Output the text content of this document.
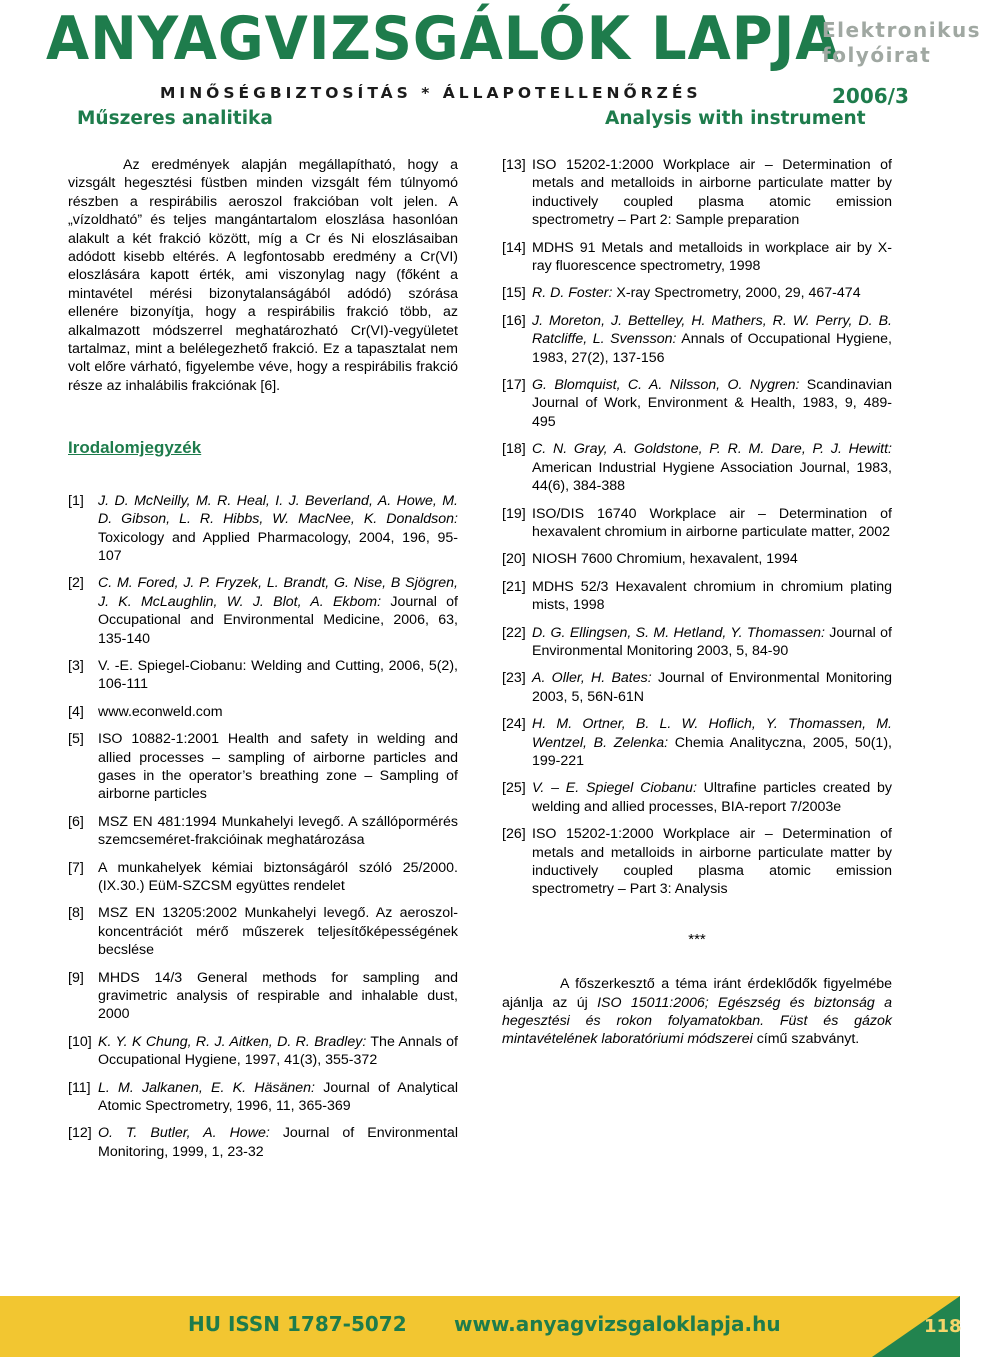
ANYAGVIZSGÁLÓK LAPJA
MINŐSÉGBIZTOSÍTÁS * ÁLLAPOTELLENŐRZÉS
Elektronikus
folyóirat
2006/3
Műszeres analitika	Analysis with instrument

Az eredmények alapján megállapítható, hogy a vizsgált hegesztési füstben minden vizsgált fém túlnyomó részben a respirábilis aeroszol frakcióban volt jelen. A „vízoldható” és teljes mangántartalom eloszlása hasonlóan alakult a két frakció között, míg a Cr és Ni eloszlásaiban adódott kisebb eltérés. A legfontosabb eredmény a Cr(VI) eloszlására kapott érték, ami viszonylag nagy (főként a mintavétel mérési bizonytalanságából adódó) szórása ellenére bizonyítja, hogy a respirábilis frakció több, az alkalmazott módszerrel meghatározható Cr(VI)-vegyületet tartalmaz, mint a belélegezhető frakció. Ez a tapasztalat nem volt előre várható, figyelembe véve, hogy a respirábilis frakció része az inhalábilis frakciónak [6].

Irodalomjegyzék
[1]	J. D. McNeilly, M. R. Heal, I. J. Beverland, A. Howe, M. D. Gibson, L. R. Hibbs, W. MacNee, K. Donaldson: Toxicology and Applied Pharmacology, 2004, 196, 95-107
[2]	C. M. Fored, J. P. Fryzek, L. Brandt, G. Nise, B Sjögren, J. K. McLaughlin, W. J. Blot, A. Ekbom: Journal of Occupational and Environmental Medicine, 2006, 63, 135-140
[3]	V. -E. Spiegel-Ciobanu: Welding and Cutting, 2006, 5(2), 106-111
[4]	www.econweld.com
[5]	ISO 10882-1:2001 Health and safety in welding and allied processes – sampling of airborne particles and gases in the operator’s breathing zone – Sampling of airborne particles
[6]	MSZ EN 481:1994 Munkahelyi levegő. A szállópormérés szemcseméret-frakcióinak meghatározása
[7]	A munkahelyek kémiai biztonságáról szóló 25/2000. (IX.30.) EüM-SZCSM együttes rendelet
[8]	MSZ EN 13205:2002 Munkahelyi levegő. Az aeroszol-koncentrációt mérő műszerek teljesítőképességének becslése
[9]	MHDS 14/3 General methods for sampling and gravimetric analysis of respirable and inhalable dust, 2000
[10] K. Y. K Chung, R. J. Aitken, D. R. Bradley: The Annals of Occupational Hygiene, 1997, 41(3), 355-372
[11] L. M. Jalkanen, E. K. Häsänen: Journal of Analytical Atomic Spectrometry, 1996, 11, 365-369
[12] O. T. Butler, A. Howe: Journal of Environmental Monitoring, 1999, 1, 23-32
[13] ISO 15202-1:2000 Workplace air – Determination of metals and metalloids in airborne particulate matter by inductively coupled plasma atomic emission spectrometry – Part 2: Sample preparation
[14] MDHS 91 Metals and metalloids in workplace air by X-ray fluorescence spectrometry, 1998
[15] R. D. Foster: X-ray Spectrometry, 2000, 29, 467-474
[16] J. Moreton, J. Bettelley, H. Mathers, R. W. Perry, D. B. Ratcliffe, L. Svensson: Annals of Occupational Hygiene, 1983, 27(2), 137-156
[17] G. Blomquist, C. A. Nilsson, O. Nygren: Scandinavian Journal of Work, Environment & Health, 1983, 9, 489-495
[18] C. N. Gray, A. Goldstone, P. R. M. Dare, P. J. Hewitt: American Industrial Hygiene Association Journal, 1983, 44(6), 384-388
[19] ISO/DIS 16740 Workplace air – Determination of hexavalent chromium in airborne particulate matter, 2002
[20] NIOSH 7600 Chromium, hexavalent, 1994
[21] MDHS 52/3 Hexavalent chromium in chromium plating mists, 1998
[22] D. G. Ellingsen, S. M. Hetland, Y. Thomassen: Journal of Environmental Monitoring 2003, 5, 84-90
[23] A. Oller, H. Bates: Journal of Environmental Monitoring 2003, 5, 56N-61N
[24] H. M. Ortner, B. L. W. Hoflich, Y. Thomassen, M. Wentzel, B. Zelenka: Chemia Analityczna, 2005, 50(1), 199-221
[25] V. – E. Spiegel Ciobanu: Ultrafine particles created by welding and allied processes, BIA-report 7/2003e
[26] ISO 15202-1:2000 Workplace air – Determination of metals and metalloids in airborne particulate matter by inductively coupled plasma atomic emission spectrometry – Part 3: Analysis
***

A főszerkesztő a téma iránt érdeklődők figyelmébe ajánlja az új ISO 15011:2006; Egészség és biztonság a hegesztési és rokon folyamatokban. Füst és gázok mintavételének laboratóriumi módszerei című szabványt.

HU ISSN 1787-5072 www.anyagvizsgaloklapja.hu	118
